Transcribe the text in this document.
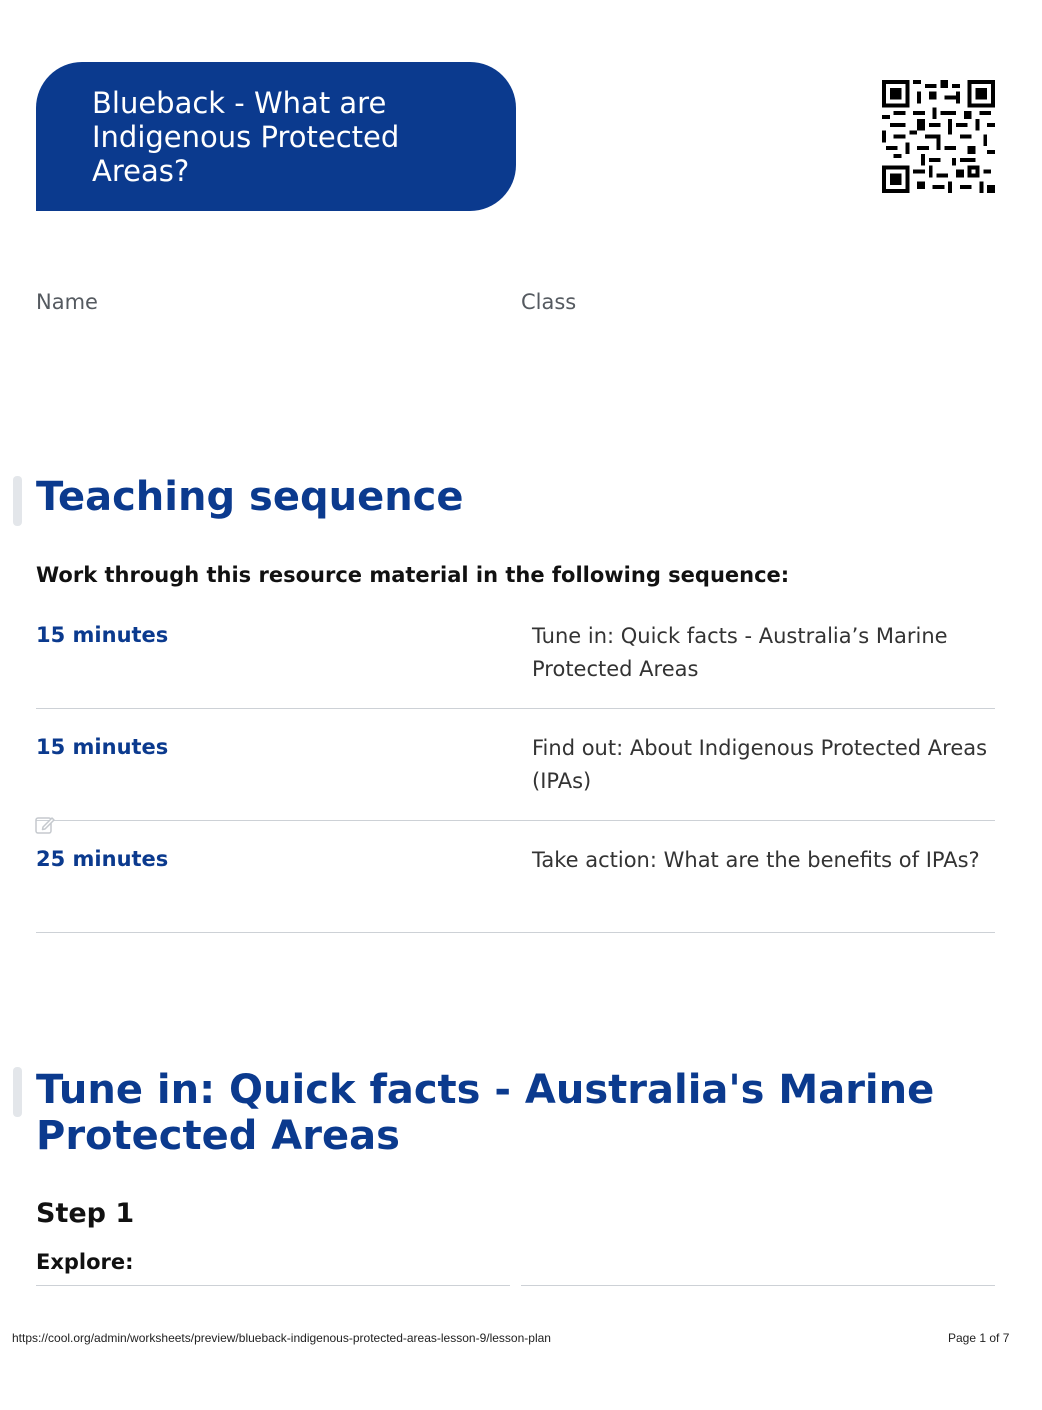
Blueback - What are Indigenous Protected Areas?
Name	Class
Teaching sequence
Work through this resource material in the following sequence:
15 minutes	Tune in: Quick facts - Australia’s Marine Protected Areas
15 minutes	Find out: About Indigenous Protected Areas (IPAs)
25 minutes	Take action: What are the benefits of IPAs?
Tune in: Quick facts - Australia's Marine Protected Areas
Step 1
Explore:
https://cool.org/admin/worksheets/preview/blueback-indigenous-protected-areas-lesson-9/lesson-plan	Page 1 of 7
